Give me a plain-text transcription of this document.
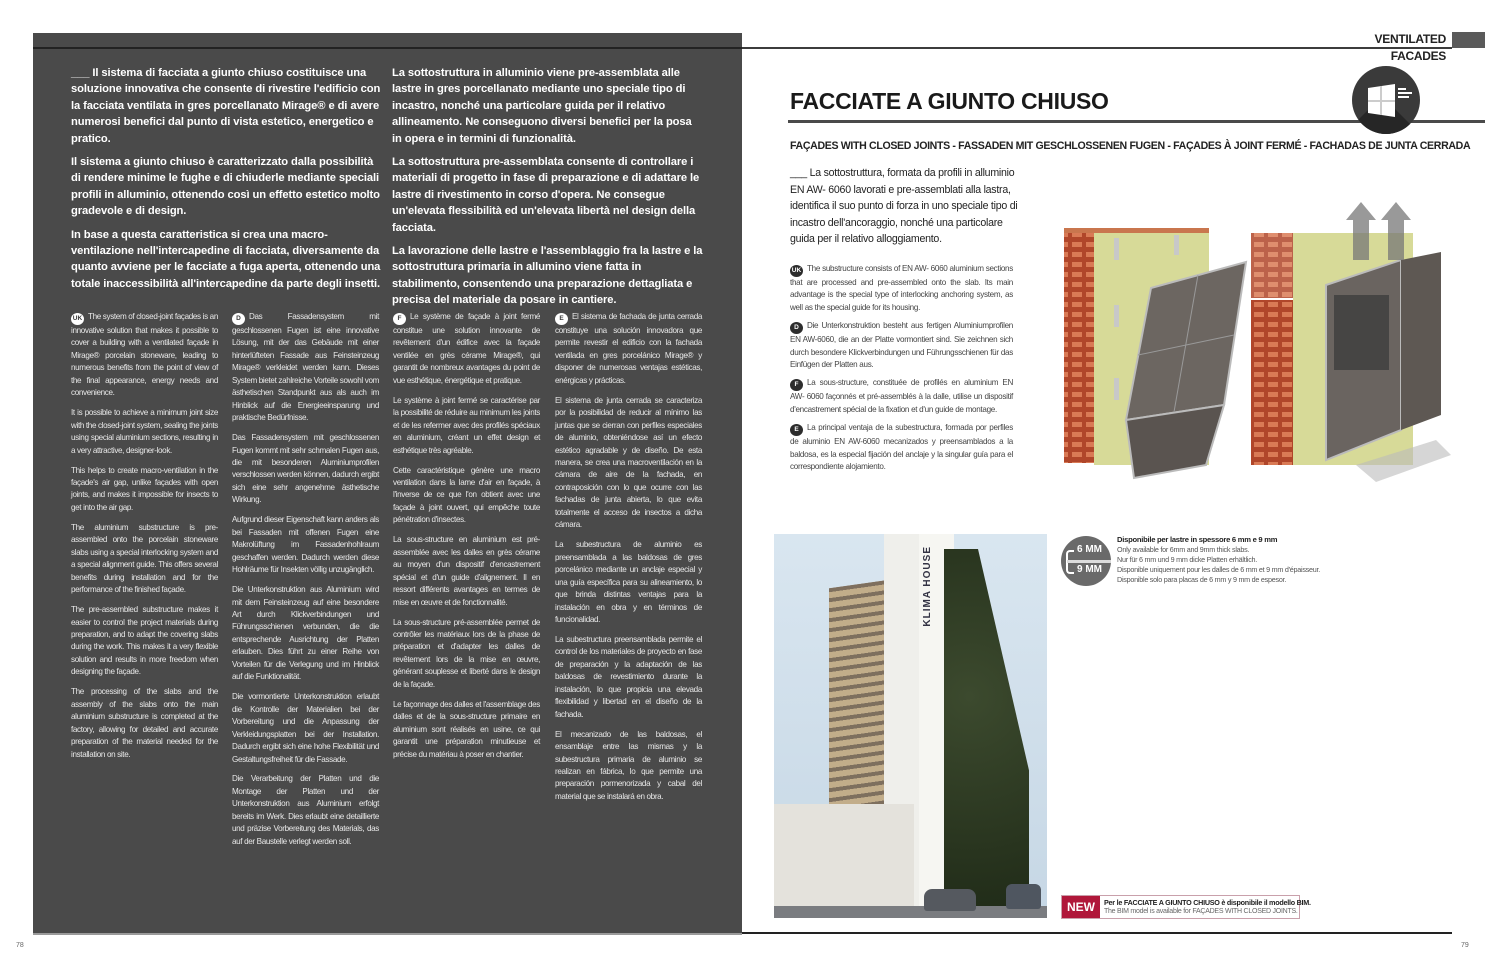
___ Il sistema di facciata a giunto chiuso costituisce una soluzione innovativa che consente di rivestire l'edificio con la facciata ventilata in gres porcellanato Mirage® e di avere numerosi benefici dal punto di vista estetico, energetico e pratico.

Il sistema a giunto chiuso è caratterizzato dalla possibilità di rendere minime le fughe e di chiuderle mediante speciali profili in alluminio, ottenendo così un effetto estetico molto gradevole e di design.

In base a questa caratteristica si crea una macro-ventilazione nell'intercapedine di facciata, diversamente da quanto avviene per le facciate a fuga aperta, ottenendo una totale inaccessibilità all'intercapedine da parte degli insetti.

La sottostruttura in alluminio viene pre-assemblata alle lastre in gres porcellanato mediante uno speciale tipo di incastro, nonché una particolare guida per il relativo allineamento. Ne conseguono diversi benefici per la posa in opera e in termini di funzionalità.

La sottostruttura pre-assemblata consente di controllare i materiali di progetto in fase di preparazione e di adattare le lastre di rivestimento in corso d'opera. Ne consegue un'elevata flessibilità ed un'elevata libertà nel design della facciata.

La lavorazione delle lastre e l'assemblaggio fra la lastre e la sottostruttura primaria in allumino viene fatta in stabilimento, consentendo una preparazione dettagliata e precisa del materiale da posare in cantiere.

UK The system of closed-joint façades is an innovative solution that makes it possible to cover a building with a ventilated façade in Mirage® porcelain stoneware, leading to numerous benefits from the point of view of the final appearance, energy needs and convenience.

It is possible to achieve a minimum joint size with the closed-joint system, sealing the joints using special aluminium sections, resulting in a very attractive, designer-look.

This helps to create macro-ventilation in the façade's air gap, unlike façades with open joints, and makes it impossible for insects to get into the air gap.

The aluminium substructure is pre-assembled onto the porcelain stoneware slabs using a special interlocking system and a special alignment guide. This offers several benefits during installation and for the performance of the finished façade.

The pre-assembled substructure makes it easier to control the project materials during preparation, and to adapt the covering slabs during the work. This makes it a very flexible solution and results in more freedom when designing the façade.

The processing of the slabs and the assembly of the slabs onto the main aluminium substructure is completed at the factory, allowing for detailed and accurate preparation of the material needed for the installation on site.

D Das Fassadensystem mit geschlossenen Fugen ist eine innovative Lösung, mit der das Gebäude mit einer hinterlüfteten Fassade aus Feinsteinzeug Mirage® verkleidet werden kann. Dieses System bietet zahlreiche Vorteile sowohl vom ästhetischen Standpunkt aus als auch im Hinblick auf die Energieeinsparung und praktische Bedürfnisse.

Das Fassadensystem mit geschlossenen Fugen kommt mit sehr schmalen Fugen aus, die mit besonderen Aluminiumprofilen verschlossen werden können, dadurch ergibt sich eine sehr angenehme ästhetische Wirkung.

Aufgrund dieser Eigenschaft kann anders als bei Fassaden mit offenen Fugen eine Makrolüftung im Fassadenhohlraum geschaffen werden. Dadurch werden diese Hohlräume für Insekten völlig unzugänglich.

Die Unterkonstruktion aus Aluminium wird mit dem Feinsteinzeug auf eine besondere Art durch Klickverbindungen und Führungsschienen verbunden, die die entsprechende Ausrichtung der Platten erlauben. Dies führt zu einer Reihe von Vorteilen für die Verlegung und im Hinblick auf die Funktionalität.

Die vormontierte Unterkonstruktion erlaubt die Kontrolle der Materialien bei der Vorbereitung und die Anpassung der Verkleidungsplatten bei der Installation. Dadurch ergibt sich eine hohe Flexibilität und Gestaltungsfreiheit für die Fassade.

Die Verarbeitung der Platten und die Montage der Platten und der Unterkonstruktion aus Aluminium erfolgt bereits im Werk. Dies erlaubt eine detaillierte und präzise Vorbereitung des Materials, das auf der Baustelle verlegt werden soll.

F Le système de façade à joint fermé constitue une solution innovante de revêtement d'un édifice avec la façade ventilée en grès cérame Mirage®, qui garantit de nombreux avantages du point de vue esthétique, énergétique et pratique.

Le système à joint fermé se caractérise par la possibilité de réduire au minimum les joints et de les refermer avec des profilés spéciaux en aluminium, créant un effet design et esthétique très agréable.

Cette caractéristique génère une macro ventilation dans la lame d'air en façade, à l'inverse de ce que l'on obtient avec une façade à joint ouvert, qui empêche toute pénétration d'insectes.

La sous-structure en aluminium est pré-assemblée avec les dalles en grès cérame au moyen d'un dispositif d'encastrement spécial et d'un guide d'alignement. Il en ressort différents avantages en termes de mise en œuvre et de fonctionnalité.

La sous-structure pré-assemblée permet de contrôler les matériaux lors de la phase de préparation et d'adapter les dalles de revêtement lors de la mise en œuvre, générant souplesse et liberté dans le design de la façade.

Le façonnage des dalles et l'assemblage des dalles et de la sous-structure primaire en aluminium sont réalisés en usine, ce qui garantit une préparation minutieuse et précise du matériau à poser en chantier.

E El sistema de fachada de junta cerrada constituye una solución innovadora que permite revestir el edificio con la fachada ventilada en gres porcelánico Mirage® y disponer de numerosas ventajas estéticas, enérgicas y prácticas.

El sistema de junta cerrada se caracteriza por la posibilidad de reducir al mínimo las juntas que se cierran con perfiles especiales de aluminio, obteniéndose así un efecto estético agradable y de diseño. De esta manera, se crea una macroventilación en la cámara de aire de la fachada, en contraposición con lo que ocurre con las fachadas de junta abierta, lo que evita totalmente el acceso de insectos a dicha cámara.

La subestructura de aluminio es preensamblada a las baldosas de gres porcelánico mediante un anclaje especial y una guía específica para su alineamiento, lo que brinda distintas ventajas para la instalación en obra y en términos de funcionalidad.

La subestructura preensamblada permite el control de los materiales de proyecto en fase de preparación y la adaptación de las baldosas de revestimiento durante la instalación, lo que propicia una elevada flexibilidad y libertad en el diseño de la fachada.

El mecanizado de las baldosas, el ensamblaje entre las mismas y la subestructura primaria de aluminio se realizan en fábrica, lo que permite una preparación pormenorizada y cabal del material que se instalará en obra.

78
VENTILATED FACADES
FACCIATE A GIUNTO CHIUSO
FAÇADES WITH CLOSED JOINTS - FASSADEN MIT GESCHLOSSENEN FUGEN - FAÇADES À JOINT FERMÉ - FACHADAS DE JUNTA CERRADA
___ La sottostruttura, formata da profili in alluminio EN AW- 6060 lavorati e pre-assemblati alla lastra, identifica il suo punto di forza in uno speciale tipo di incastro dell'ancoraggio, nonché una particolare guida per il relativo alloggiamento.

UK The substructure consists of EN AW- 6060 aluminium sections that are processed and pre-assembled onto the slab. Its main advantage is the special type of interlocking anchoring system, as well as the special guide for its housing.

D Die Unterkonstruktion besteht aus fertigen Aluminiumprofilen EN AW-6060, die an der Platte vormontiert sind. Sie zeichnen sich durch besondere Klickverbindungen und Führungsschienen für das Einfügen der Platten aus.

F La sous-structure, constituée de profilés en aluminium EN AW- 6060 façonnés et pré-assemblés à la dalle, utilise un dispositif d'encastrement spécial de la fixation et d'un guide de montage.

E La principal ventaja de la subestructura, formada por perfiles de aluminio EN AW-6060 mecanizados y preensamblados a la baldosa, es la especial fijación del anclaje y la singular guía para el correspondiente alojamiento.

KLIMA HOUSE	6 MM
9 MM
Disponibile per lastre in spessore 6 mm e 9 mm
Only available for 6mm and 9mm thick slabs.
Nur für 6 mm und 9 mm dicke Platten erhältlich.
Disponible uniquement pour les dalles de 6 mm et 9 mm d'épaisseur.
Disponible solo para placas de 6 mm y 9 mm de espesor.
NEW	Per le FACCIATE A GIUNTO CHIUSO è disponibile il modello BIM.
The BIM model is available for FAÇADES WITH CLOSED JOINTS.
79
